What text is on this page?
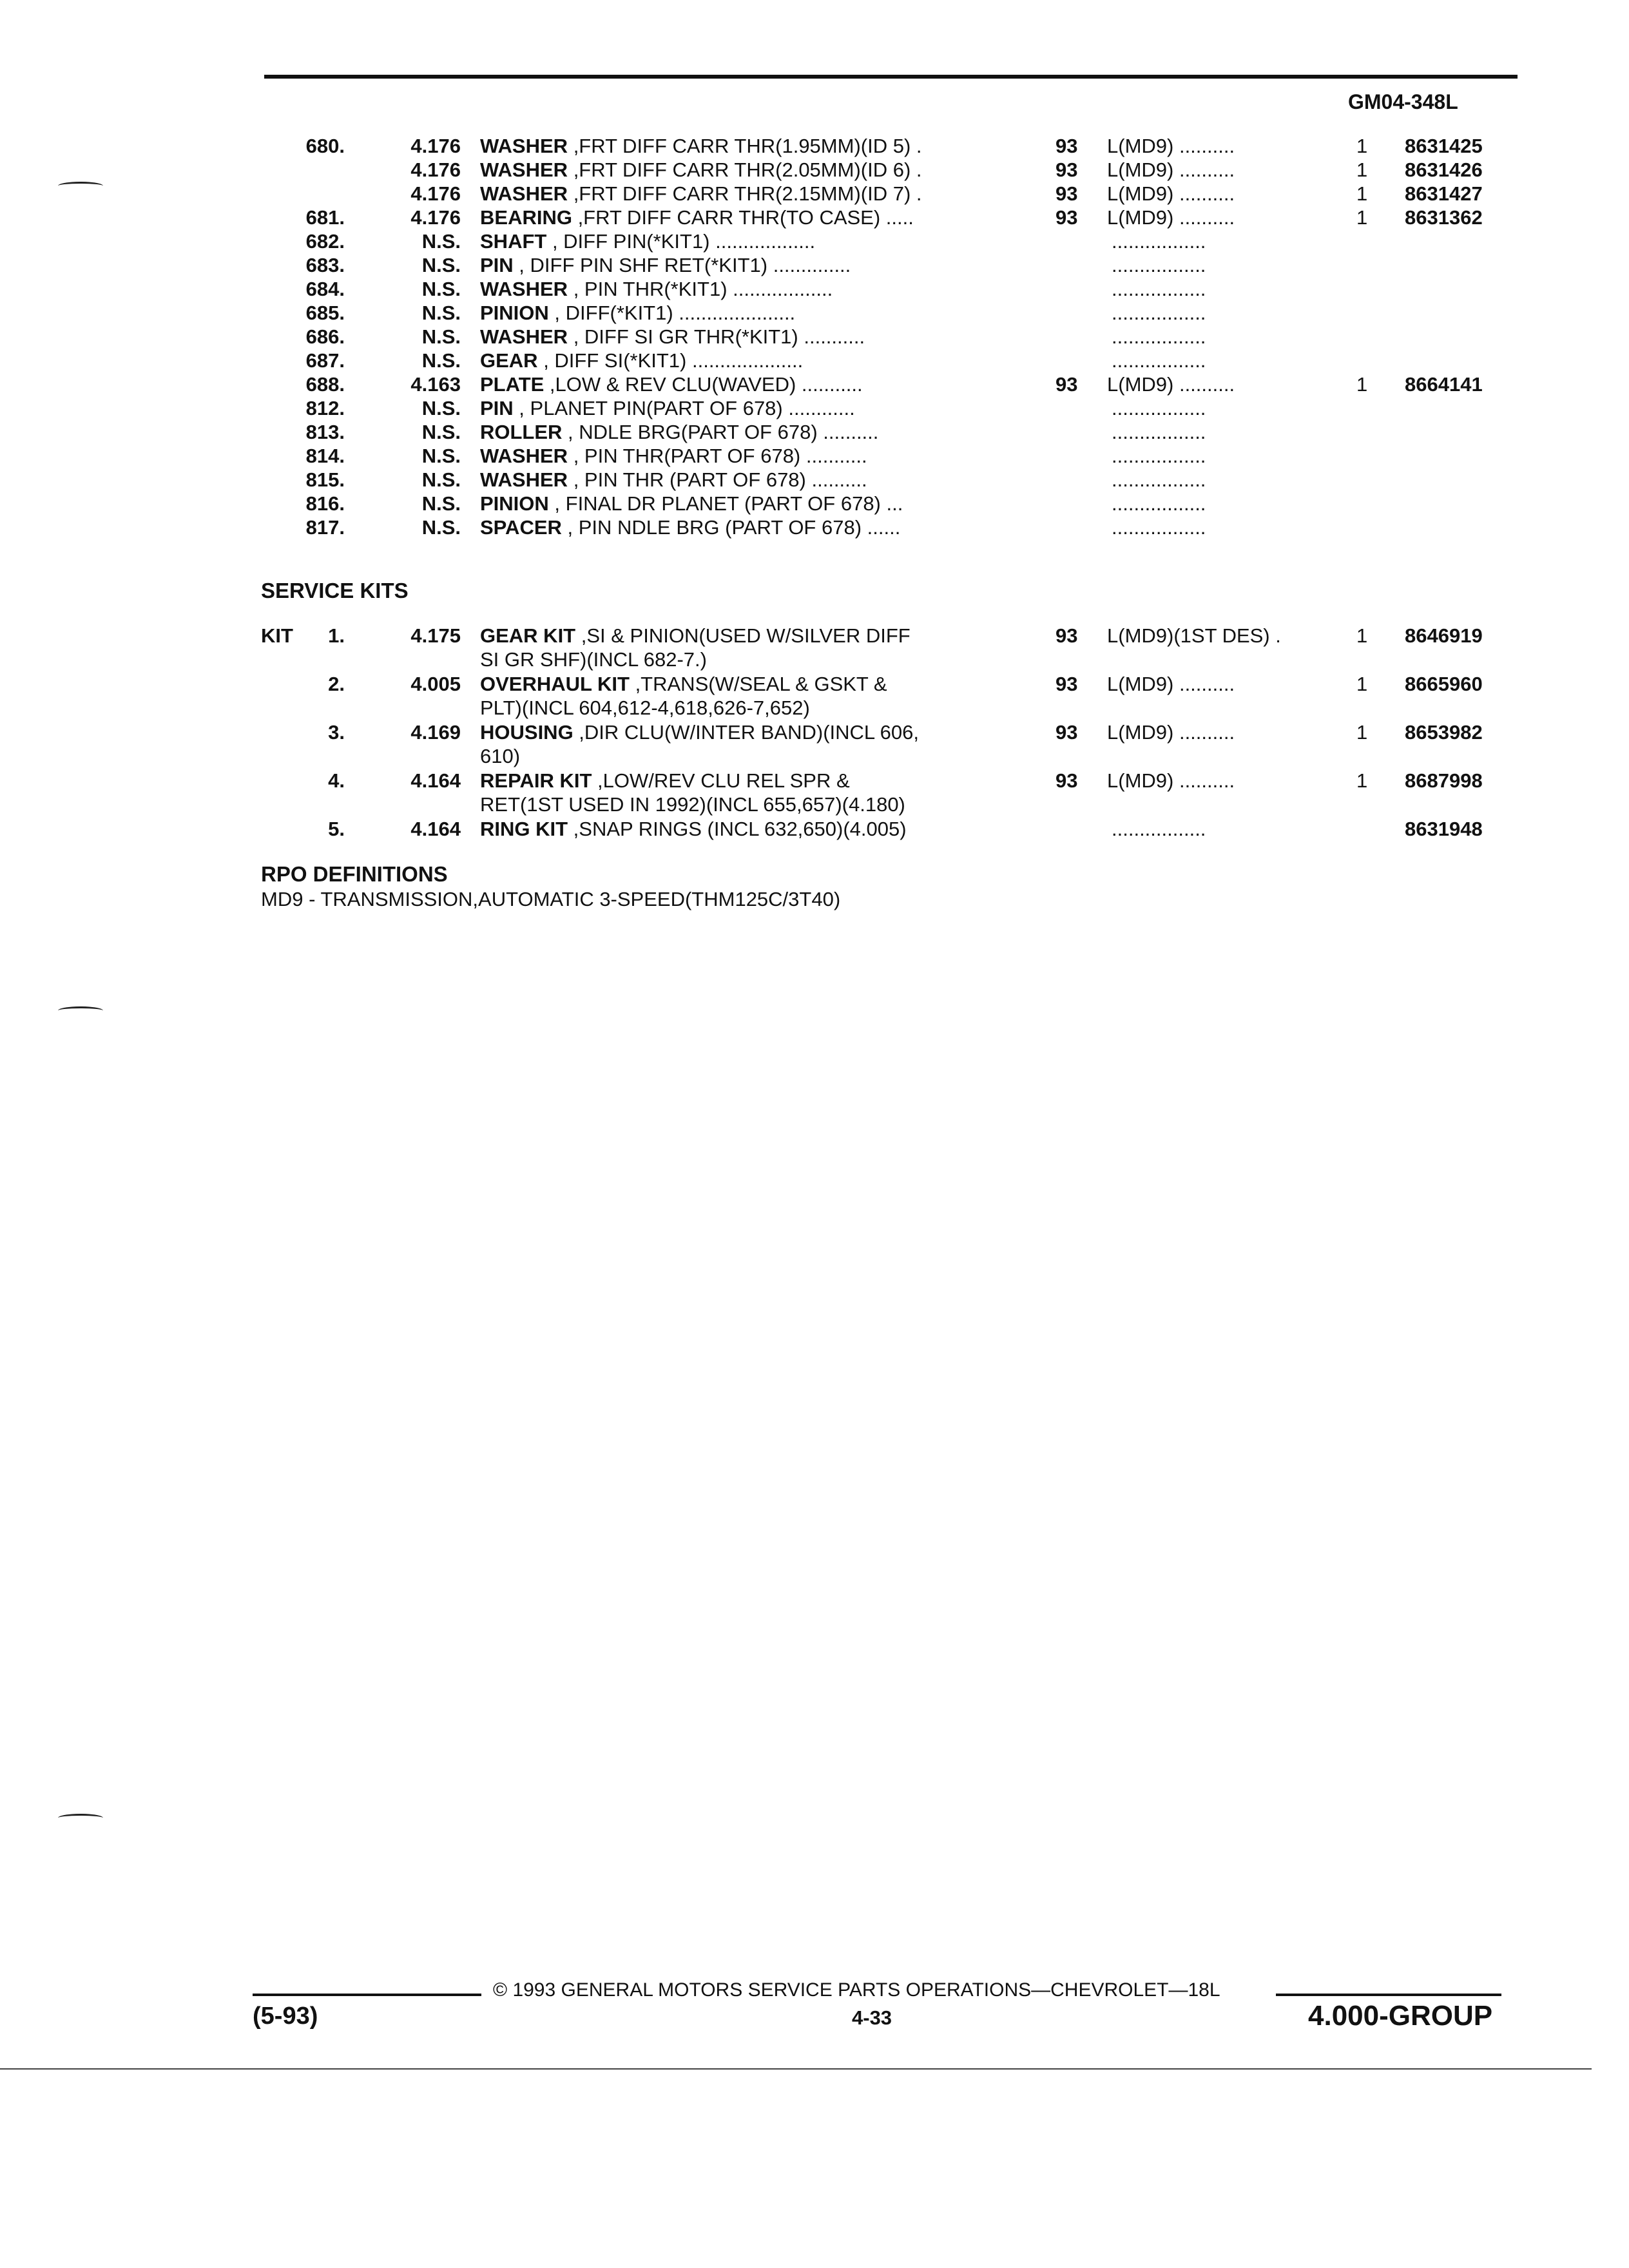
GM04-348L
680.	4.176 WASHER ,FRT DIFF CARR THR(1.95MM)(ID 5) .	93 L(MD9) ..........	1 8631425
4.176 WASHER ,FRT DIFF CARR THR(2.05MM)(ID 6) .	93 L(MD9) ..........	1 8631426
4.176 WASHER ,FRT DIFF CARR THR(2.15MM)(ID 7) .	93 L(MD9) ..........	1 8631427
681.	4.176 BEARING ,FRT DIFF CARR THR(TO CASE) .....	93 L(MD9) ..........	1 8631362
682.	N.S. SHAFT , DIFF PIN(*KIT1) ..................	.................
683.	N.S. PIN , DIFF PIN SHF RET(*KIT1) ..............	.................
684.	N.S. WASHER , PIN THR(*KIT1) ..................	.................
685.	N.S. PINION , DIFF(*KIT1) .....................	.................
686.	N.S. WASHER , DIFF SI GR THR(*KIT1) ...........	.................
687.	N.S. GEAR , DIFF SI(*KIT1) ....................	.................
688.	4.163 PLATE ,LOW & REV CLU(WAVED) ...........	93 L(MD9) ..........	1 8664141
812.	N.S. PIN , PLANET PIN(PART OF 678) ............	.................
813.	N.S. ROLLER , NDLE BRG(PART OF 678) ..........	.................
814.	N.S. WASHER , PIN THR(PART OF 678) ...........	.................
815.	N.S. WASHER , PIN THR (PART OF 678) ..........	.................
816.	N.S. PINION , FINAL DR PLANET (PART OF 678) ...	.................
817.	N.S. SPACER , PIN NDLE BRG (PART OF 678) ......	.................
SERVICE KITS
KIT	1.	4.175 GEAR KIT ,SI & PINION(USED W/SILVER DIFF	93 L(MD9)(1ST DES) .	1 8646919
SI GR SHF)(INCL 682-7.)
2.	4.005 OVERHAUL KIT ,TRANS(W/SEAL & GSKT &	93 L(MD9) ..........	1 8665960
PLT)(INCL 604,612-4,618,626-7,652)
3.	4.169 HOUSING ,DIR CLU(W/INTER BAND)(INCL 606,	93 L(MD9) ..........	1 8653982
610)
4.	4.164 REPAIR KIT ,LOW/REV CLU REL SPR &	93 L(MD9) ..........	1 8687998
RET(1ST USED IN 1992)(INCL 655,657)(4.180)
5.	4.164 RING KIT ,SNAP RINGS (INCL 632,650)(4.005)	.................	8631948
RPO DEFINITIONS
MD9 - TRANSMISSION,AUTOMATIC 3-SPEED(THM125C/3T40)
© 1993 GENERAL MOTORS SERVICE PARTS OPERATIONS—CHEVROLET—18L
(5-93)	4-33	4.000-GROUP
